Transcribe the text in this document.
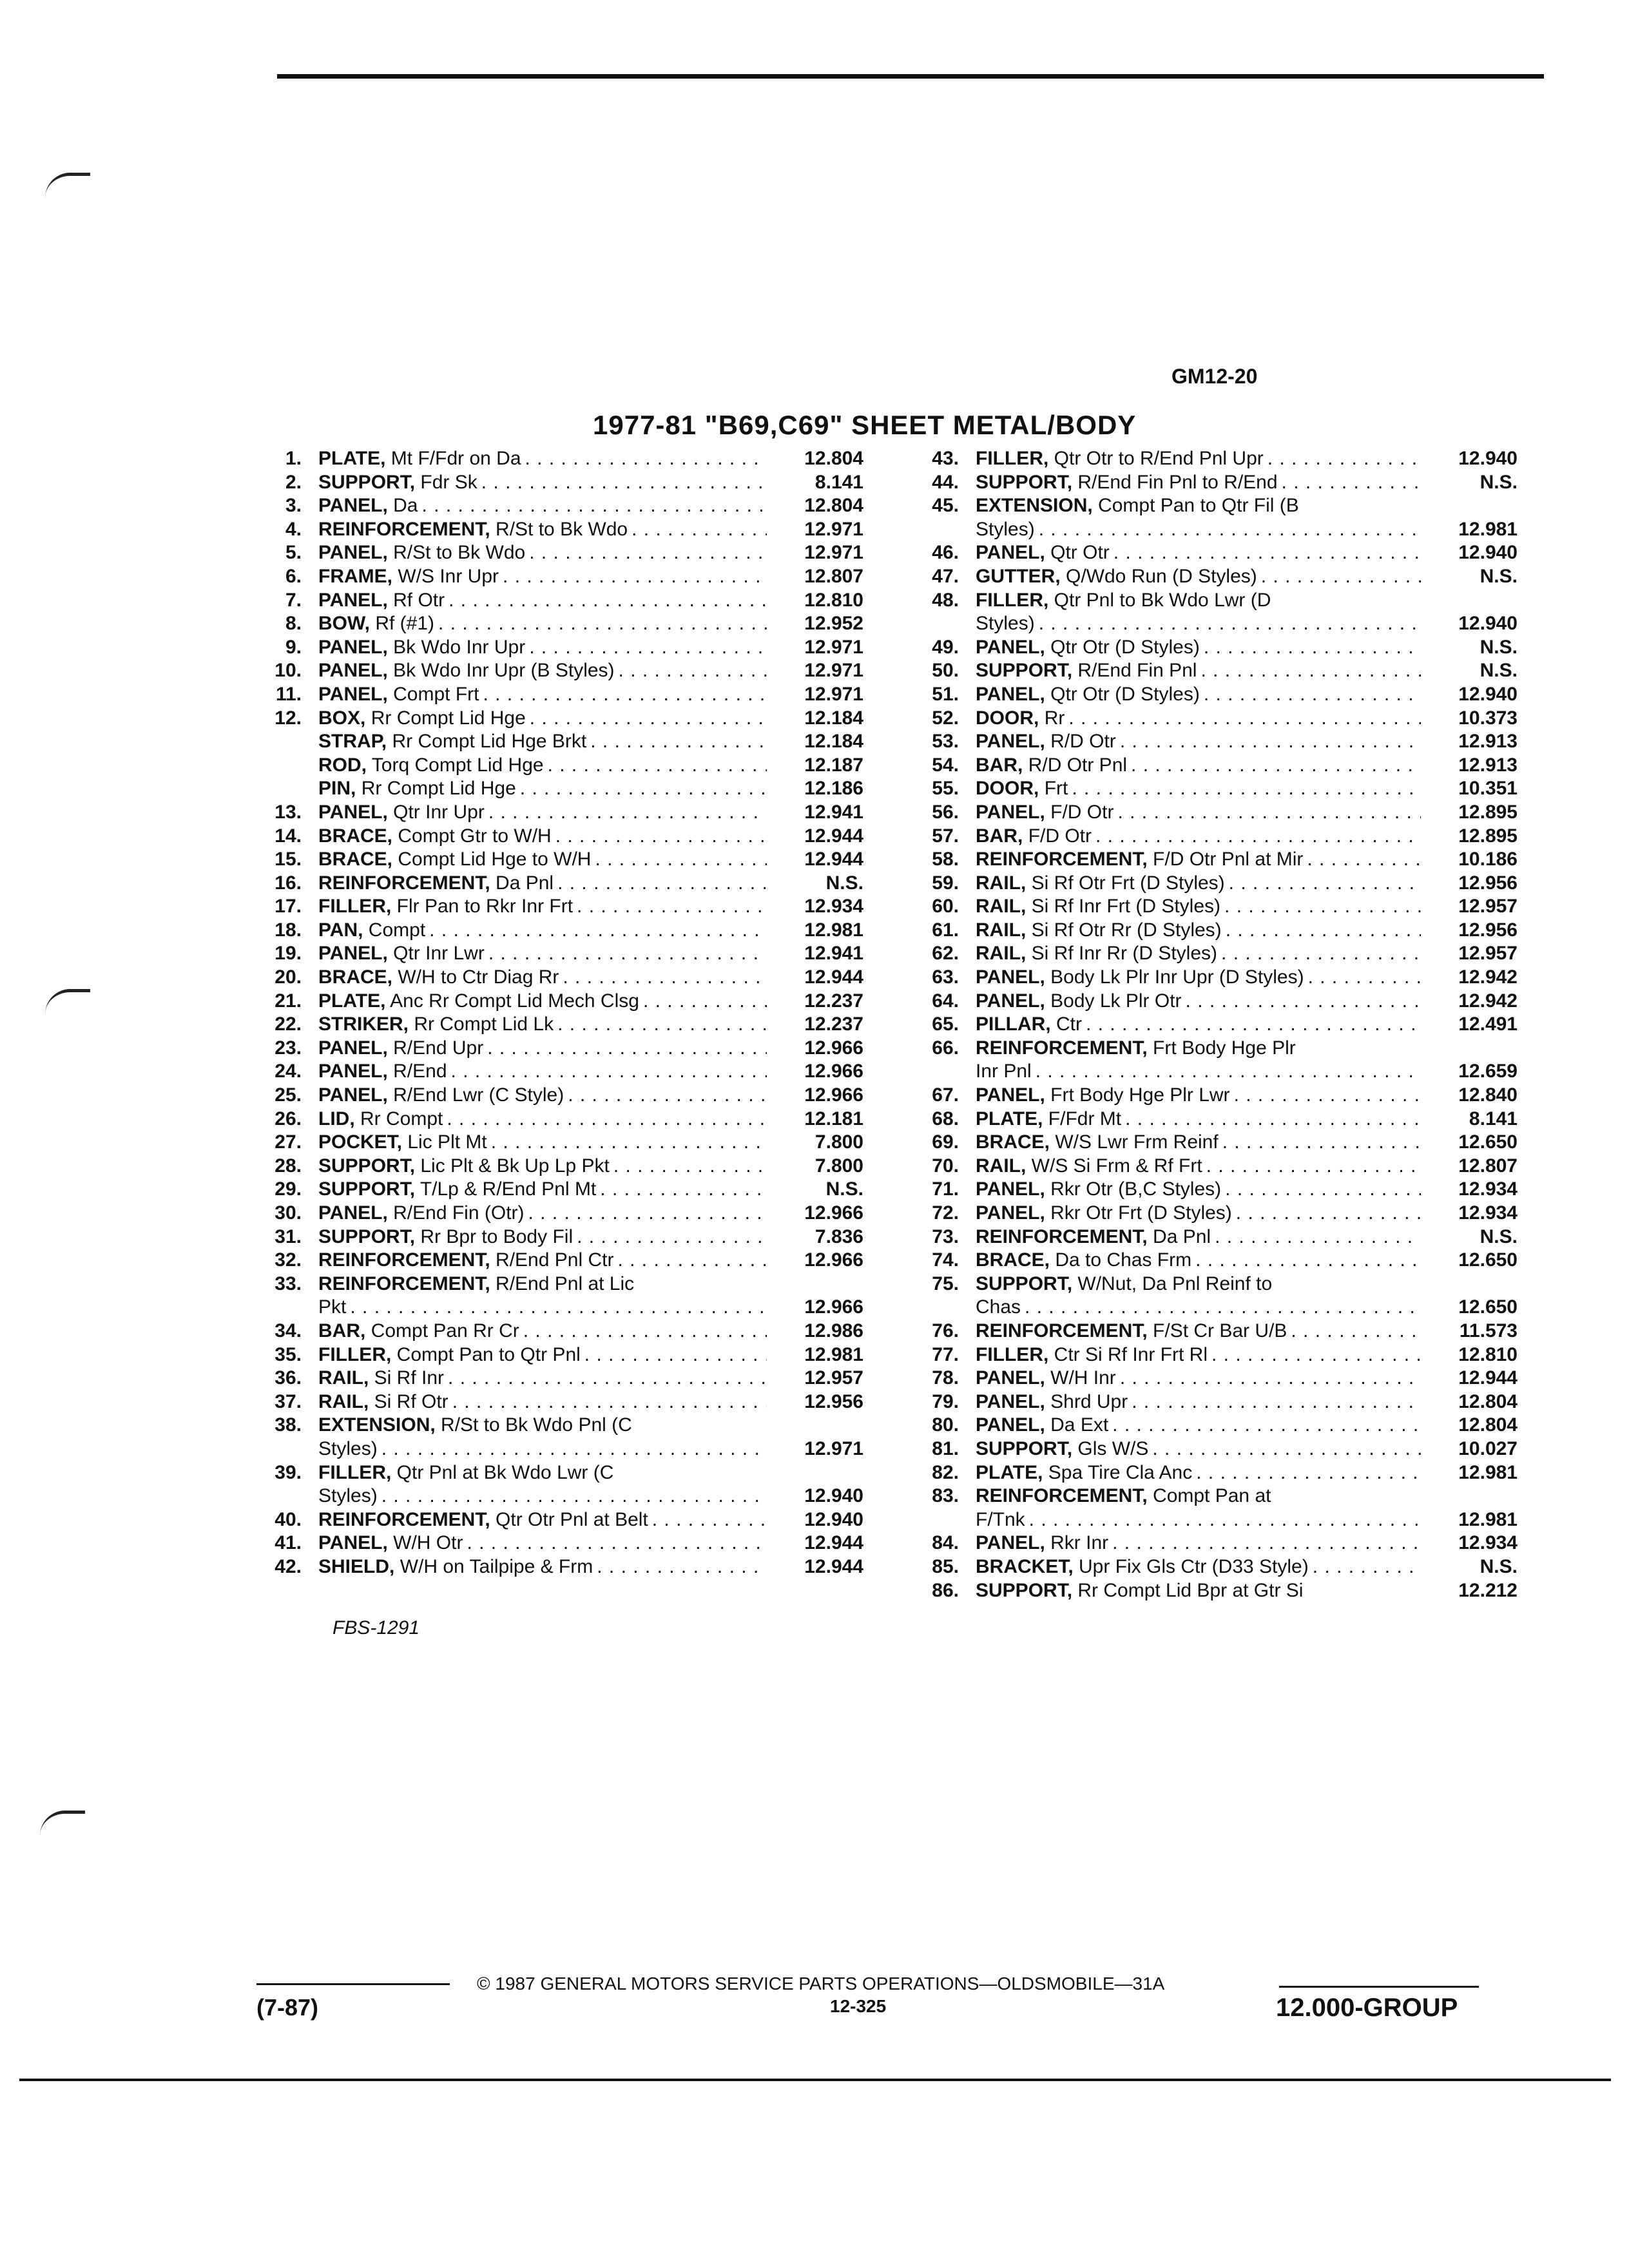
GM12-20
1977-81 "B69,C69" SHEET METAL/BODY
1. PLATE, Mt F/Fdr on Da . . .	12.804
2. SUPPORT, Fdr Sk . . .	8.141
3. PANEL, Da . . .	12.804
4. REINFORCEMENT, R/St to Bk Wdo . . .	12.971
5. PANEL, R/St to Bk Wdo . . .	12.971
6. FRAME, W/S Inr Upr . . .	12.807
7. PANEL, Rf Otr . . .	12.810
8. BOW, Rf (#1) . . .	12.952
9. PANEL, Bk Wdo Inr Upr . . .	12.971
10. PANEL, Bk Wdo Inr Upr (B Styles) . . .	12.971
11. PANEL, Compt Frt . . .	12.971
12. BOX, Rr Compt Lid Hge . . .	12.184
STRAP, Rr Compt Lid Hge Brkt . . .	12.184
ROD, Torq Compt Lid Hge . . .	12.187
PIN, Rr Compt Lid Hge . . .	12.186
13. PANEL, Qtr Inr Upr . . .	12.941
14. BRACE, Compt Gtr to W/H . . .	12.944
15. BRACE, Compt Lid Hge to W/H . . .	12.944
16. REINFORCEMENT, Da Pnl . . .	N.S.
17. FILLER, Flr Pan to Rkr Inr Frt . . .	12.934
18. PAN, Compt . . .	12.981
19. PANEL, Qtr Inr Lwr . . .	12.941
20. BRACE, W/H to Ctr Diag Rr . . .	12.944
21. PLATE, Anc Rr Compt Lid Mech Clsg . . .	12.237
22. STRIKER, Rr Compt Lid Lk . . .	12.237
23. PANEL, R/End Upr . . .	12.966
24. PANEL, R/End . . .	12.966
25. PANEL, R/End Lwr (C Style) . . .	12.966
26. LID, Rr Compt . . .	12.181
27. POCKET, Lic Plt Mt . . .	7.800
28. SUPPORT, Lic Plt & Bk Up Lp Pkt . . .	7.800
29. SUPPORT, T/Lp & R/End Pnl Mt . . .	N.S.
30. PANEL, R/End Fin (Otr) . . .	12.966
31. SUPPORT, Rr Bpr to Body Fil . . .	7.836
32. REINFORCEMENT, R/End Pnl Ctr . . .	12.966
33. REINFORCEMENT, R/End Pnl at Lic
Pkt . . .	12.966
34. BAR, Compt Pan Rr Cr . . .	12.986
35. FILLER, Compt Pan to Qtr Pnl . . .	12.981
36. RAIL, Si Rf Inr . . .	12.957
37. RAIL, Si Rf Otr . . .	12.956
38. EXTENSION, R/St to Bk Wdo Pnl (C
Styles) . . .	12.971
39. FILLER, Qtr Pnl at Bk Wdo Lwr (C
Styles) . . .	12.940
40. REINFORCEMENT, Qtr Otr Pnl at Belt . . .	12.940
41. PANEL, W/H Otr . . .	12.944
42. SHIELD, W/H on Tailpipe & Frm . . .	12.944
43. FILLER, Qtr Otr to R/End Pnl Upr . . .	12.940
44. SUPPORT, R/End Fin Pnl to R/End . . .	N.S.
45. EXTENSION, Compt Pan to Qtr Fil (B
Styles) . . .	12.981
46. PANEL, Qtr Otr . . .	12.940
47. GUTTER, Q/Wdo Run (D Styles) . . .	N.S.
48. FILLER, Qtr Pnl to Bk Wdo Lwr (D
Styles) . . .	12.940
49. PANEL, Qtr Otr (D Styles) . . .	N.S.
50. SUPPORT, R/End Fin Pnl . . .	N.S.
51. PANEL, Qtr Otr (D Styles) . . .	12.940
52. DOOR, Rr . . .	10.373
53. PANEL, R/D Otr . . .	12.913
54. BAR, R/D Otr Pnl . . .	12.913
55. DOOR, Frt . . .	10.351
56. PANEL, F/D Otr . . .	12.895
57. BAR, F/D Otr . . .	12.895
58. REINFORCEMENT, F/D Otr Pnl at Mir . . .	10.186
59. RAIL, Si Rf Otr Frt (D Styles) . . .	12.956
60. RAIL, Si Rf Inr Frt (D Styles) . . .	12.957
61. RAIL, Si Rf Otr Rr (D Styles) . . .	12.956
62. RAIL, Si Rf Inr Rr (D Styles) . . .	12.957
63. PANEL, Body Lk Plr Inr Upr (D Styles) . . .	12.942
64. PANEL, Body Lk Plr Otr . . .	12.942
65. PILLAR, Ctr . . .	12.491
66. REINFORCEMENT, Frt Body Hge Plr
Inr Pnl . . .	12.659
67. PANEL, Frt Body Hge Plr Lwr . . .	12.840
68. PLATE, F/Fdr Mt . . .	8.141
69. BRACE, W/S Lwr Frm Reinf . . .	12.650
70. RAIL, W/S Si Frm & Rf Frt . . .	12.807
71. PANEL, Rkr Otr (B,C Styles) . . .	12.934
72. PANEL, Rkr Otr Frt (D Styles) . . .	12.934
73. REINFORCEMENT, Da Pnl . . .	N.S.
74. BRACE, Da to Chas Frm . . .	12.650
75. SUPPORT, W/Nut, Da Pnl Reinf to
Chas . . .	12.650
76. REINFORCEMENT, F/St Cr Bar U/B . . .	11.573
77. FILLER, Ctr Si Rf Inr Frt Rl . . .	12.810
78. PANEL, W/H Inr . . .	12.944
79. PANEL, Shrd Upr . . .	12.804
80. PANEL, Da Ext . . .	12.804
81. SUPPORT, Gls W/S . . .	10.027
82. PLATE, Spa Tire Cla Anc . . .	12.981
83. REINFORCEMENT, Compt Pan at
F/Tnk . . .	12.981
84. PANEL, Rkr Inr . . .	12.934
85. BRACKET, Upr Fix Gls Ctr (D33 Style) . . .	N.S.
86. SUPPORT, Rr Compt Lid Bpr at Gtr Si	12.212
FBS-1291
© 1987 GENERAL MOTORS SERVICE PARTS OPERATIONS—OLDSMOBILE—31A
(7-87)	12-325	12.000-GROUP
